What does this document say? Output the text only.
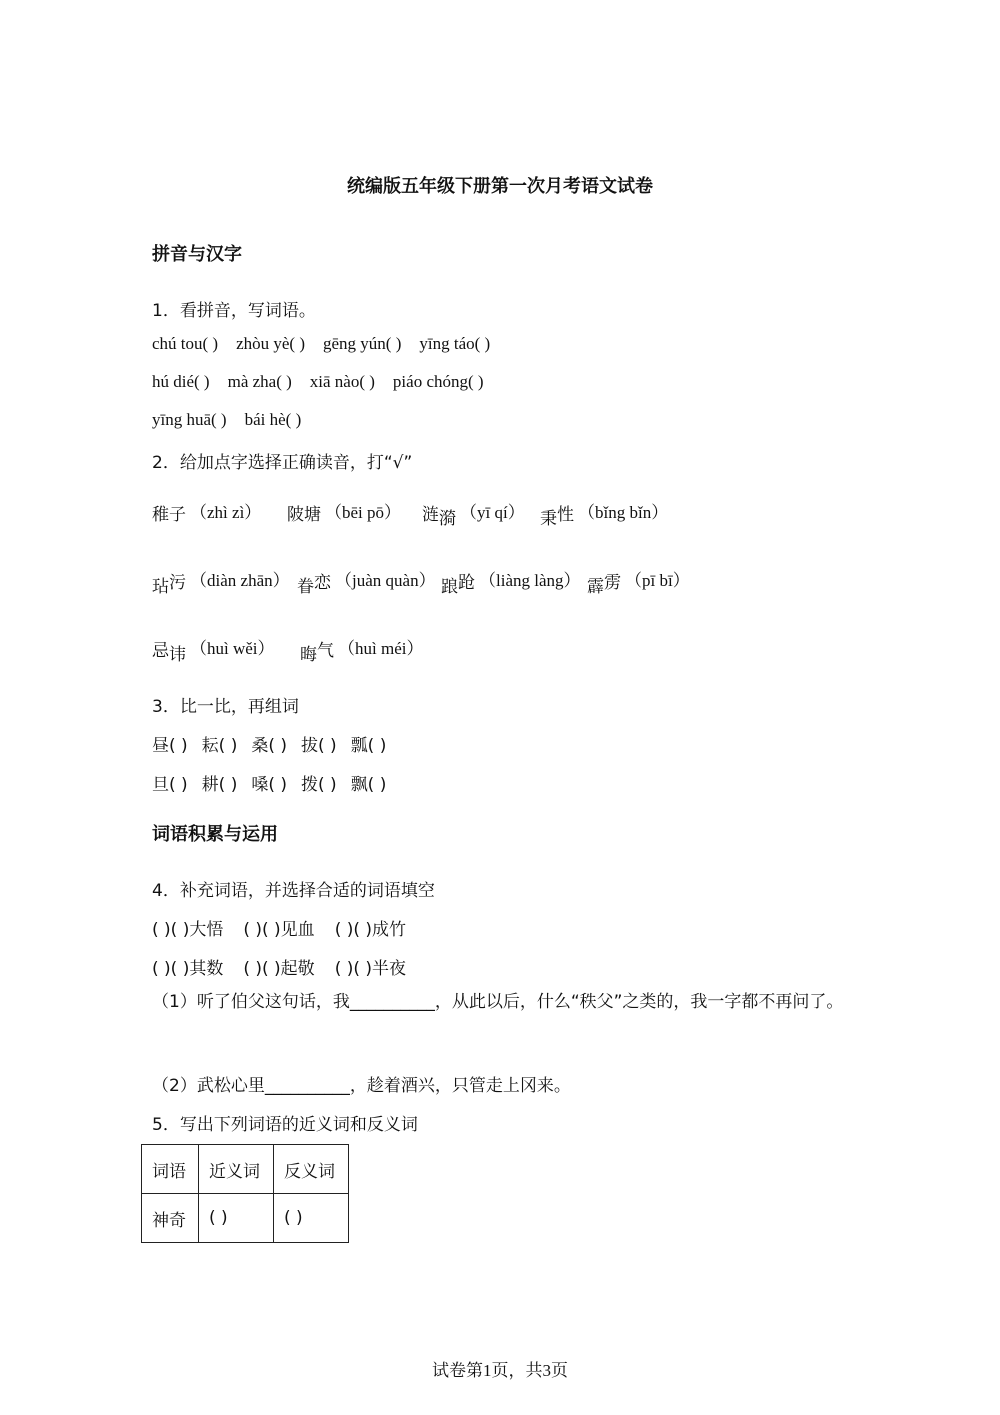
统编版五年级下册第一次月考语文试卷
拼音与汉字
1．看拼音，写词语。
chú tou( ) zhòu yè( ) gēng yún( ) yīng táo( )
hú dié( ) mà zha( ) xiā nào( ) piáo chóng( )
yīng huā( ) bái hè( )
2．给加点字选择正确读音，打“√”
稚子 （zhì zì） 陂塘 （bēi pō） 涟漪 （yī qí） 秉性 （bǐng bǐn）
玷污 （diàn zhān） 眷恋 （juàn quàn） 踉跄 （liàng làng） 霹雳 （pī bī）
忌讳 （huì wěi） 晦气 （huì méi）
3．比一比，再组词
昼( ) 耘( ) 桑( ) 拔( ) 瓢( )
旦( ) 耕( ) 嗓( ) 拨( ) 飘( )
词语积累与运用
4．补充词语，并选择合适的词语填空
( )( )大悟 ( )( )见血 ( )( )成竹
( )( )其数 ( )( )起敬 ( )( )半夜
（1）听了伯父这句话，我__________，从此以后，什么“秩父”之类的，我一字都不再问了。
（2）武松心里__________，趁着酒兴，只管走上冈来。
5．写出下列词语的近义词和反义词
词语	近义词	反义词
神奇	( )	( )
试卷第1页，共3页
